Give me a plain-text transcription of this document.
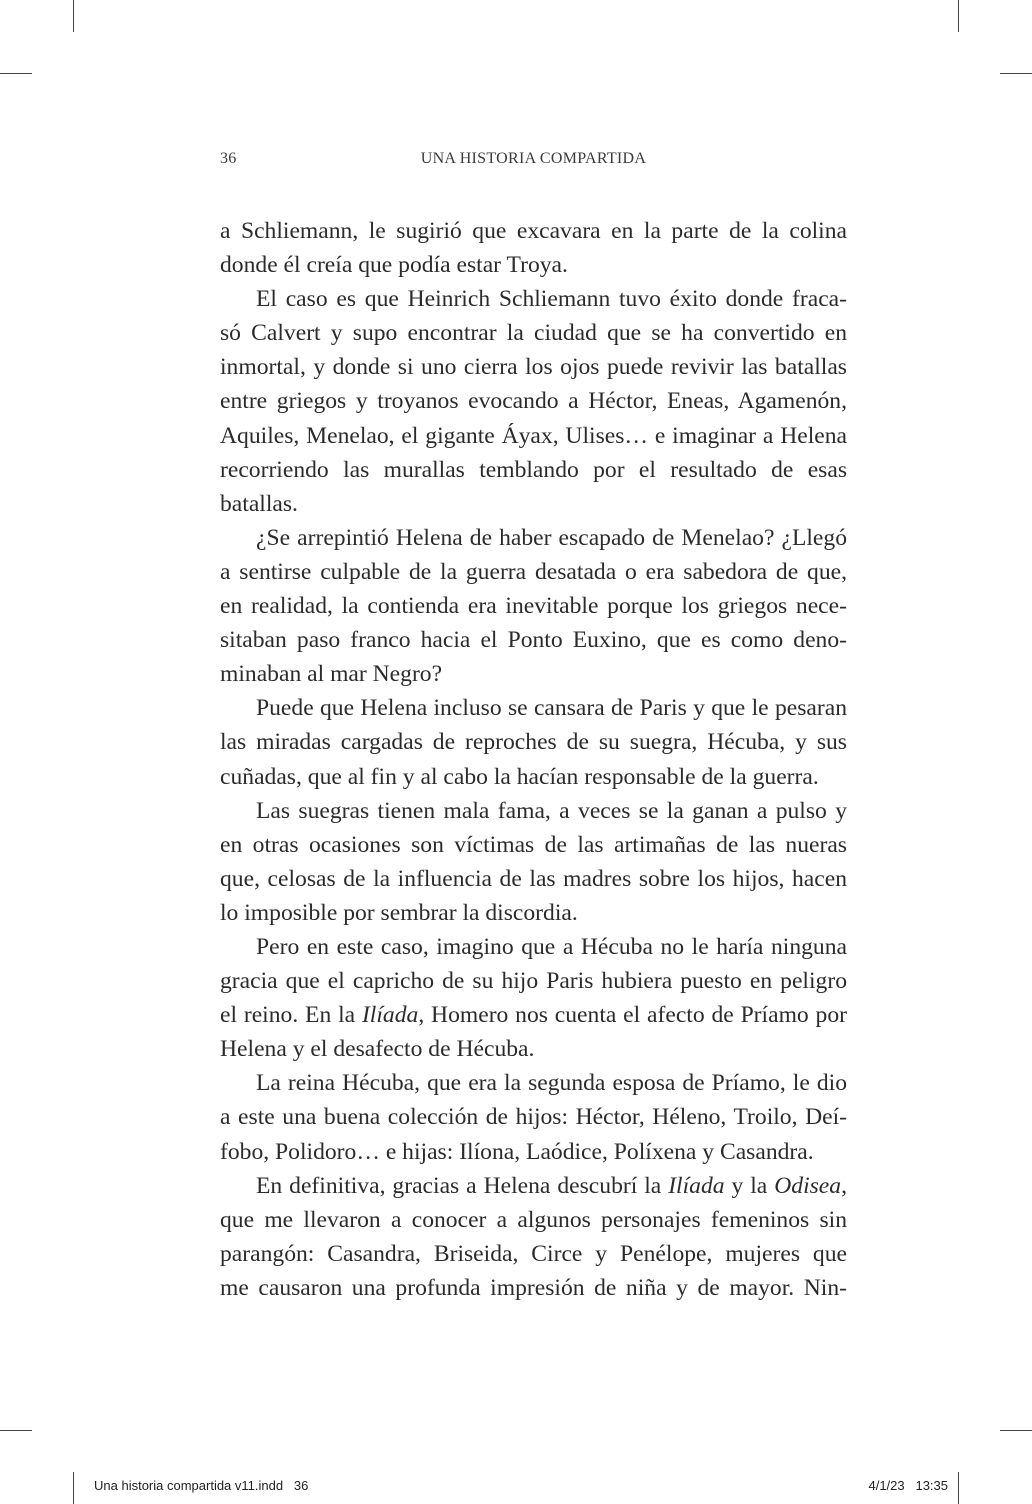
36	UNA HISTORIA COMPARTIDA

a Schliemann, le sugirió que excavara en la parte de la colina
donde él creía que podía estar Troya.

El caso es que Heinrich Schliemann tuvo éxito donde fraca-
só Calvert y supo encontrar la ciudad que se ha convertido en
inmortal, y donde si uno cierra los ojos puede revivir las batallas
entre griegos y troyanos evocando a Héctor, Eneas, Agamenón,
Aquiles, Menelao, el gigante Áyax, Ulises… e imaginar a Helena
recorriendo las murallas temblando por el resultado de esas
batallas.

¿Se arrepintió Helena de haber escapado de Menelao? ¿Llegó
a sentirse culpable de la guerra desatada o era sabedora de que,
en realidad, la contienda era inevitable porque los griegos nece-
sitaban paso franco hacia el Ponto Euxino, que es como deno-
minaban al mar Negro?

Puede que Helena incluso se cansara de Paris y que le pesaran
las miradas cargadas de reproches de su suegra, Hécuba, y sus
cuñadas, que al fin y al cabo la hacían responsable de la guerra.

Las suegras tienen mala fama, a veces se la ganan a pulso y
en otras ocasiones son víctimas de las artimañas de las nueras
que, celosas de la influencia de las madres sobre los hijos, hacen
lo imposible por sembrar la discordia.

Pero en este caso, imagino que a Hécuba no le haría ninguna
gracia que el capricho de su hijo Paris hubiera puesto en peligro
el reino. En la Ilíada, Homero nos cuenta el afecto de Príamo por
Helena y el desafecto de Hécuba.

La reina Hécuba, que era la segunda esposa de Príamo, le dio
a este una buena colección de hijos: Héctor, Héleno, Troilo, Deí-
fobo, Polidoro… e hijas: Ilíona, Laódice, Políxena y Casandra.

En definitiva, gracias a Helena descubrí la Ilíada y la Odisea,
que me llevaron a conocer a algunos personajes femeninos sin
parangón: Casandra, Briseida, Circe y Penélope, mujeres que
me causaron una profunda impresión de niña y de mayor. Nin-

Una historia compartida v11.indd   36	4/1/23   13:35
